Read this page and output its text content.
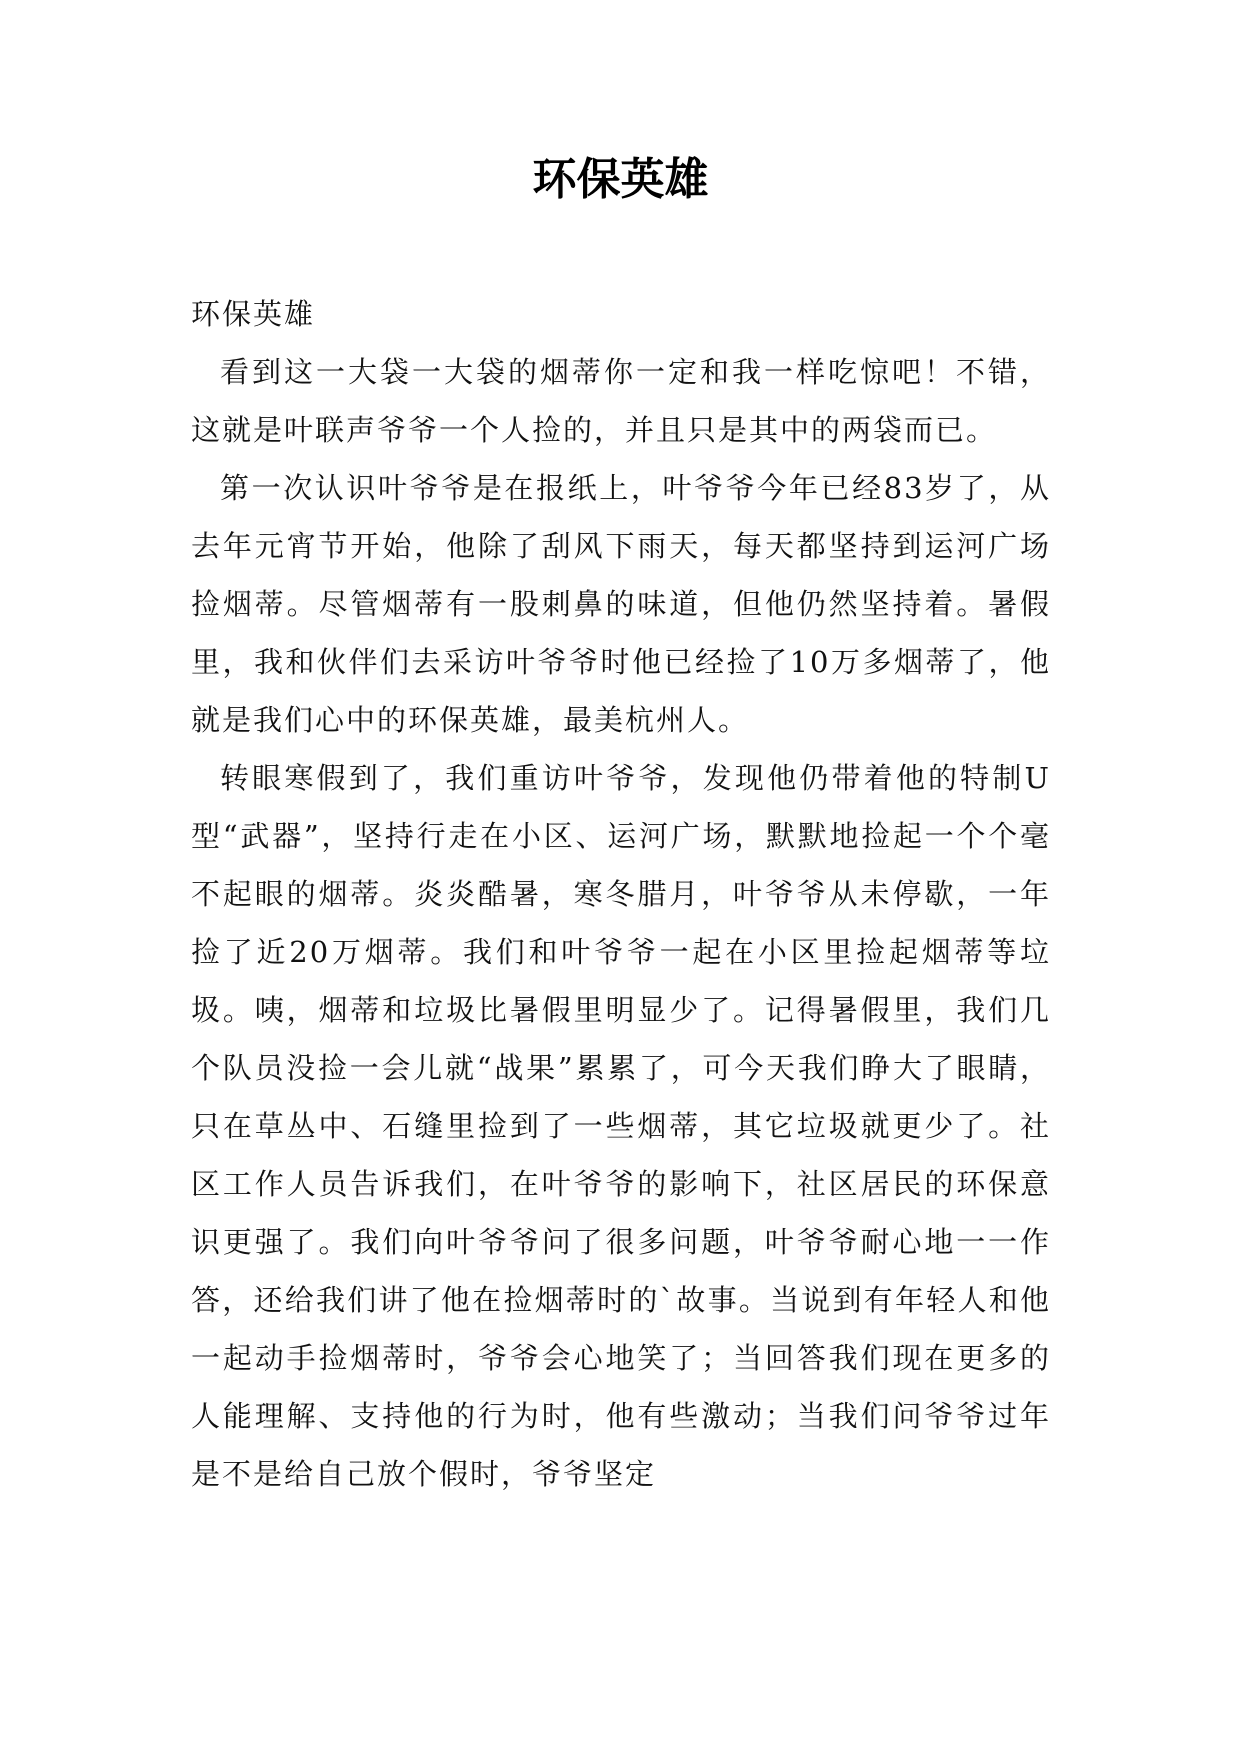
环保英雄

环保英雄

看到这一大袋一大袋的烟蒂你一定和我一样吃惊吧！不错，这就是叶联声爷爷一个人捡的，并且只是其中的两袋而已。

第一次认识叶爷爷是在报纸上，叶爷爷今年已经83岁了，从去年元宵节开始，他除了刮风下雨天，每天都坚持到运河广场捡烟蒂。尽管烟蒂有一股刺鼻的味道，但他仍然坚持着。暑假里，我和伙伴们去采访叶爷爷时他已经捡了10万多烟蒂了，他就是我们心中的环保英雄，最美杭州人。

转眼寒假到了，我们重访叶爷爷，发现他仍带着他的特制U型“武器”，坚持行走在小区、运河广场，默默地捡起一个个毫不起眼的烟蒂。炎炎酷暑，寒冬腊月，叶爷爷从未停歇，一年捡了近20万烟蒂。我们和叶爷爷一起在小区里捡起烟蒂等垃圾。咦，烟蒂和垃圾比暑假里明显少了。记得暑假里，我们几个队员没捡一会儿就“战果”累累了，可今天我们睁大了眼睛，只在草丛中、石缝里捡到了一些烟蒂，其它垃圾就更少了。社区工作人员告诉我们，在叶爷爷的影响下，社区居民的环保意识更强了。我们向叶爷爷问了很多问题，叶爷爷耐心地一一作答，还给我们讲了他在捡烟蒂时的`故事。当说到有年轻人和他一起动手捡烟蒂时，爷爷会心地笑了；当回答我们现在更多的人能理解、支持他的行为时，他有些激动；当我们问爷爷过年是不是给自己放个假时，爷爷坚定
